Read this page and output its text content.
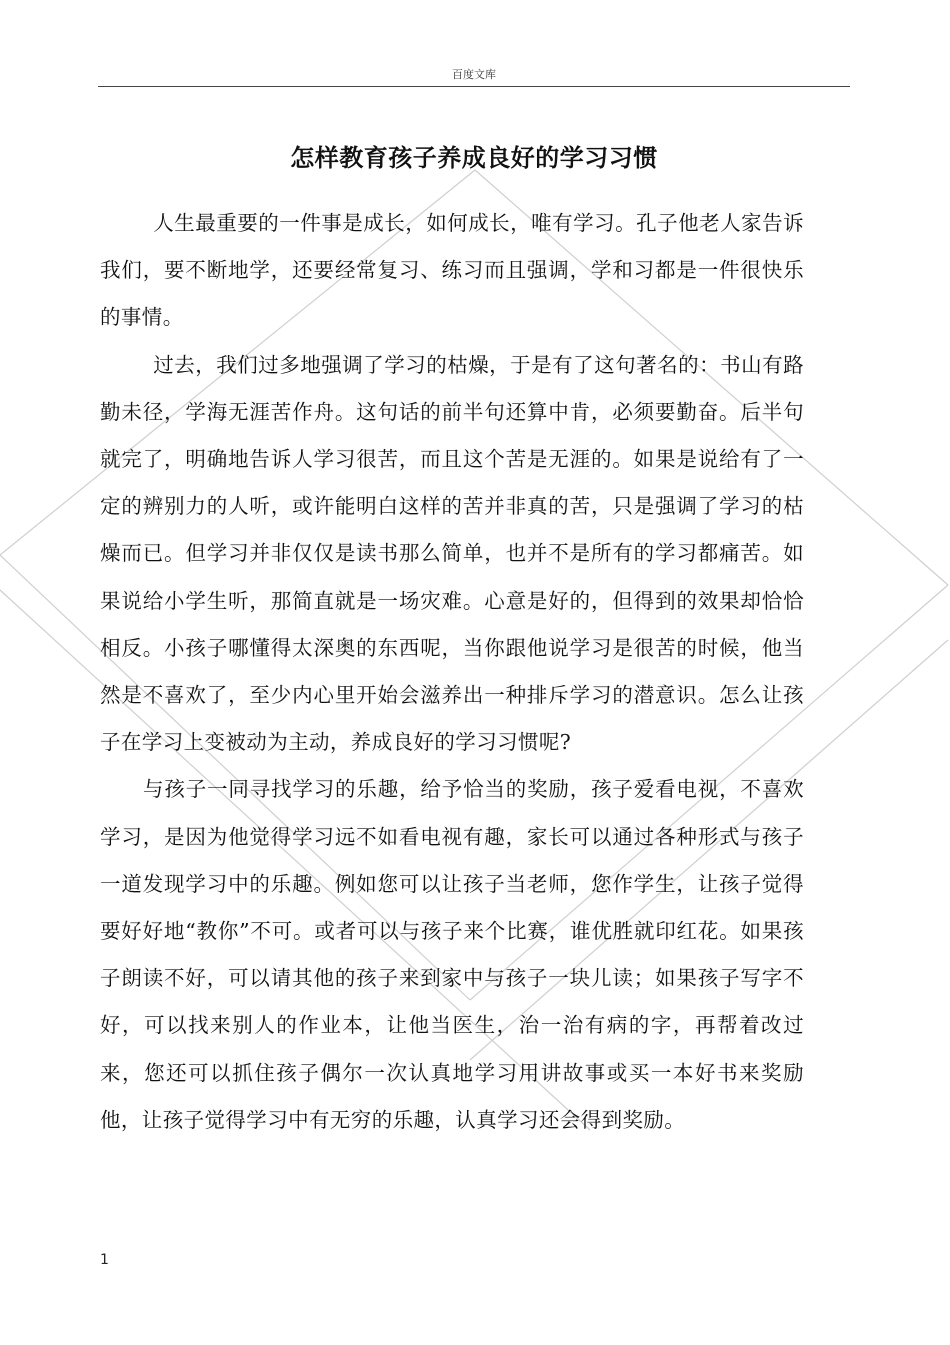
百度文库
怎样教育孩子养成良好的学习习惯

人生最重要的一件事是成长，如何成长，唯有学习。孔子他老人家告诉我们，要不断地学，还要经常复习、练习而且强调，学和习都是一件很快乐的事情。

过去，我们过多地强调了学习的枯燥，于是有了这句著名的：书山有路勤未径，学海无涯苦作舟。这句话的前半句还算中肯，必须要勤奋。后半句就完了，明确地告诉人学习很苦，而且这个苦是无涯的。如果是说给有了一定的辨别力的人听，或许能明白这样的苦并非真的苦，只是强调了学习的枯燥而已。但学习并非仅仅是读书那么简单，也并不是所有的学习都痛苦。如果说给小学生听，那简直就是一场灾难。心意是好的，但得到的效果却恰恰相反。小孩子哪懂得太深奥的东西呢，当你跟他说学习是很苦的时候，他当然是不喜欢了，至少内心里开始会滋养出一种排斥学习的潜意识。怎么让孩子在学习上变被动为主动，养成良好的学习习惯呢?

与孩子一同寻找学习的乐趣，给予恰当的奖励，孩子爱看电视，不喜欢学习，是因为他觉得学习远不如看电视有趣，家长可以通过各种形式与孩子一道发现学习中的乐趣。例如您可以让孩子当老师，您作学生，让孩子觉得要好好地“教你”不可。或者可以与孩子来个比赛，谁优胜就印红花。如果孩子朗读不好，可以请其他的孩子来到家中与孩子一块儿读；如果孩子写字不好，可以找来别人的作业本，让他当医生，治一治有病的字，再帮着改过来，您还可以抓住孩子偶尔一次认真地学习用讲故事或买一本好书来奖励他，让孩子觉得学习中有无穷的乐趣，认真学习还会得到奖励。

1
